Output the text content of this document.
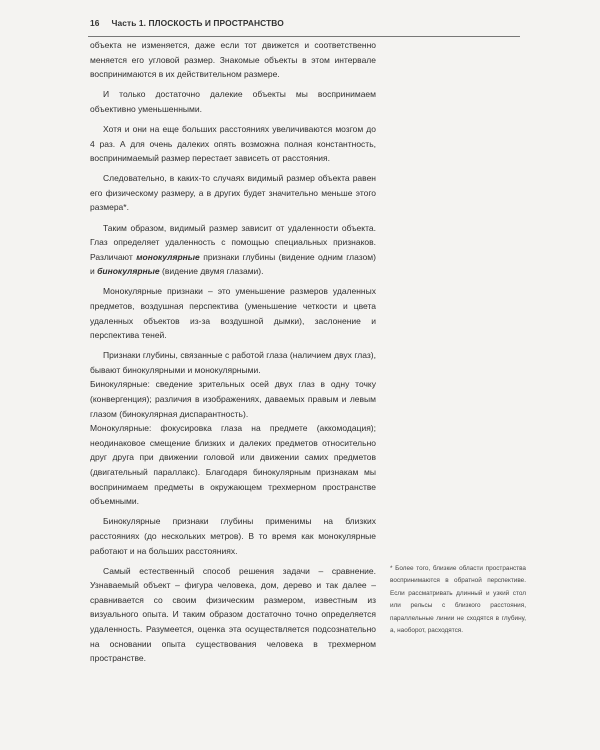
16 Часть 1. ПЛОСКОСТЬ И ПРОСТРАНСТВО

объекта не изменяется, даже если тот движется и соответственно меняется его угловой размер. Знакомые объекты в этом интервале воспринимаются в их действительном размере.

И только достаточно далекие объекты мы воспринимаем объективно уменьшенными.

Хотя и они на еще больших расстояниях увеличиваются мозгом до 4 раз. А для очень далеких опять возможна полная константность, воспринимаемый размер перестает зависеть от расстояния.

Следовательно, в каких-то случаях видимый размер объекта равен его физическому размеру, а в других будет значительно меньше этого размера*.

Таким образом, видимый размер зависит от удаленности объекта. Глаз определяет удаленность с помощью специальных признаков. Различают монокулярные признаки глубины (видение одним глазом) и бинокулярные (видение двумя глазами).

Монокулярные признаки – это уменьшение размеров удаленных предметов, воздушная перспектива (уменьшение четкости и цвета удаленных объектов из-за воздушной дымки), заслонение и перспектива теней.

Признаки глубины, связанные с работой глаза (наличием двух глаз), бывают бинокулярными и монокулярными.

Бинокулярные: сведение зрительных осей двух глаз в одну точку (конвергенция); различия в изображениях, даваемых правым и левым глазом (бинокулярная диспарантность).

Монокулярные: фокусировка глаза на предмете (аккомодация); неодинаковое смещение близких и далеких предметов относительно друг друга при движении головой или движении самих предметов (двигательный параллакс). Благодаря бинокулярным признакам мы воспринимаем предметы в окружающем трехмерном пространстве объемными.

Бинокулярные признаки глубины применимы на близких расстояниях (до нескольких метров). В то время как монокулярные работают и на больших расстояниях.

Самый естественный способ решения задачи – сравнение. Узнаваемый объект – фигура человека, дом, дерево и так далее – сравнивается со своим физическим размером, известным из визуального опыта. И таким образом достаточно точно определяется удаленность. Разумеется, оценка эта осуществляется подсознательно на основании опыта существования человека в трехмерном пространстве.

* Более того, близкие области пространства воспринимаются в обратной перспективе. Если рассматривать длинный и узкий стол или рельсы с близкого расстояния, параллельные линии не сходятся в глубину, а, наоборот, расходятся.
